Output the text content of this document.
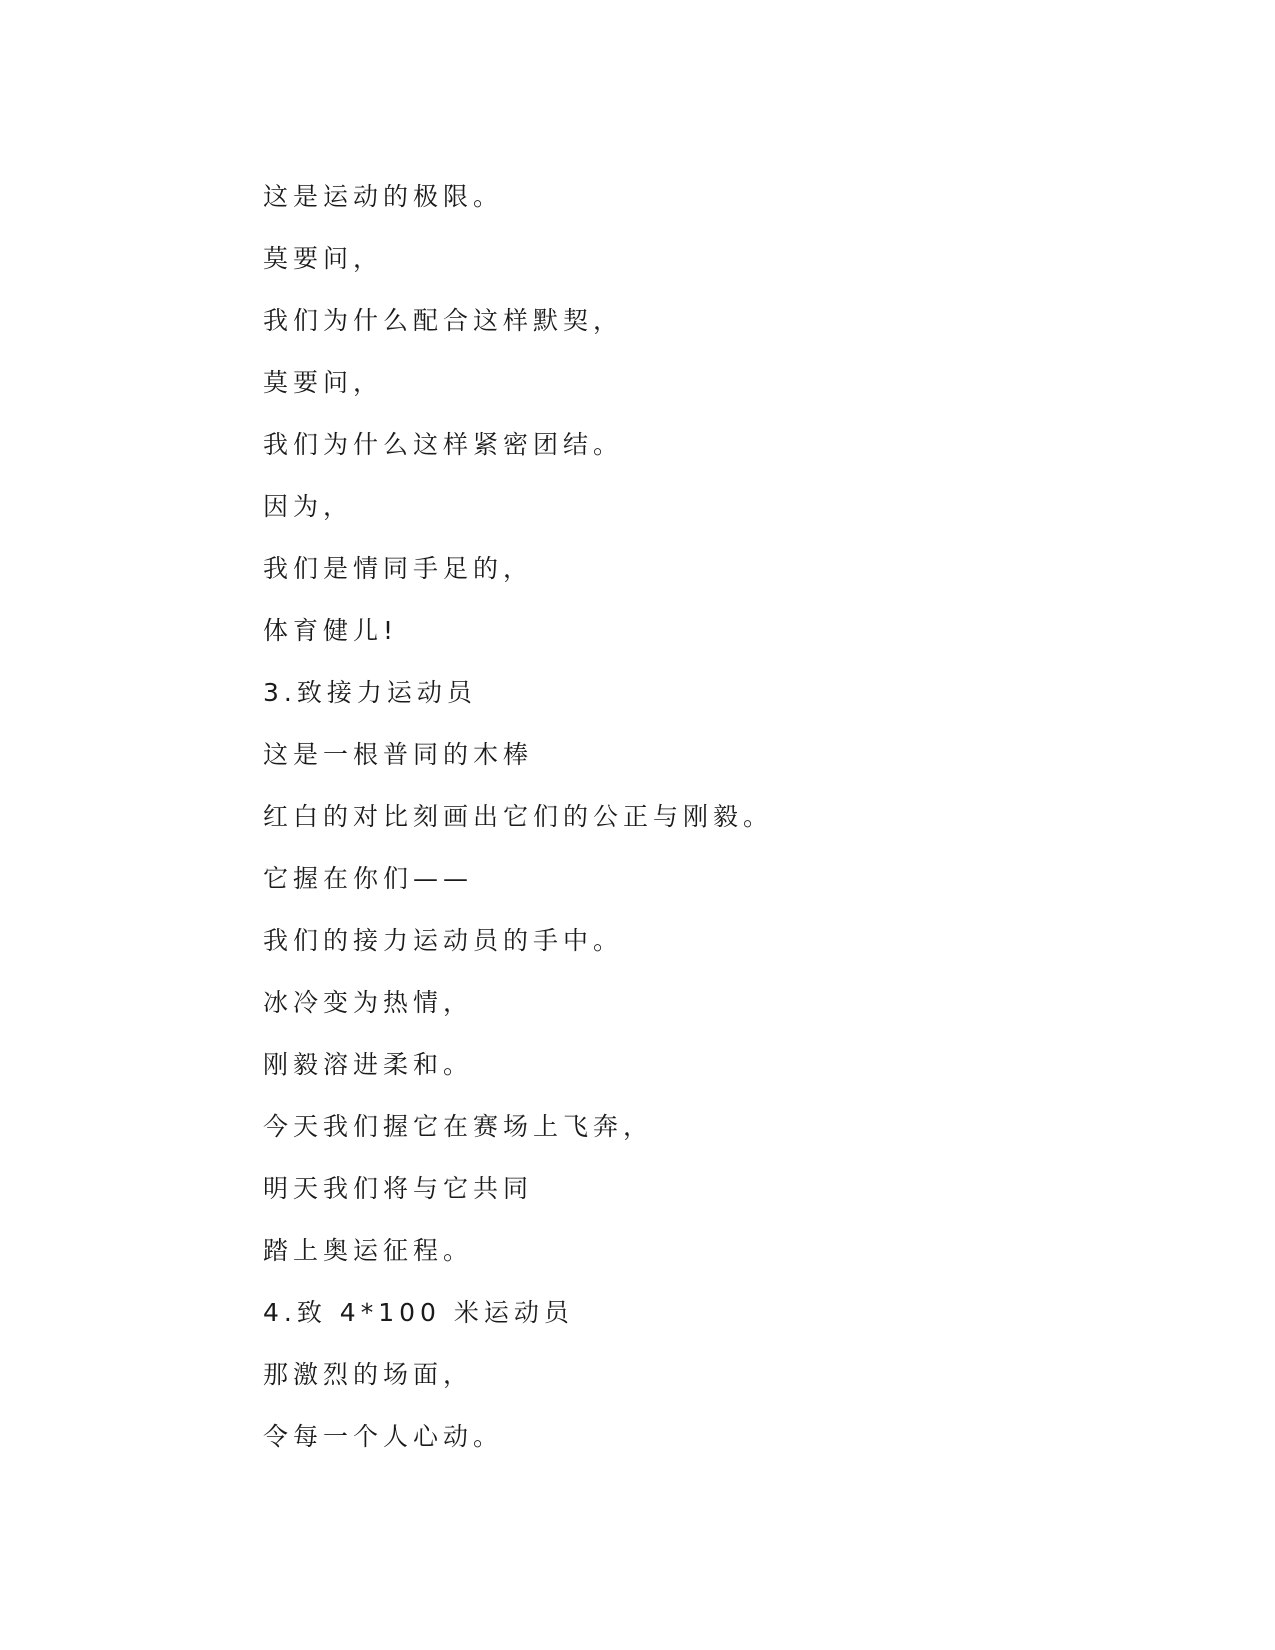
这是运动的极限。
莫要问，
我们为什么配合这样默契，
莫要问，
我们为什么这样紧密团结。
因为，
我们是情同手足的，
体育健儿!
3.致接力运动员
这是一根普同的木棒
红白的对比刻画出它们的公正与刚毅。
它握在你们——
我们的接力运动员的手中。
冰冷变为热情，
刚毅溶进柔和。
今天我们握它在赛场上飞奔，
明天我们将与它共同
踏上奥运征程。
4.致 4*100 米运动员
那激烈的场面，
令每一个人心动。
